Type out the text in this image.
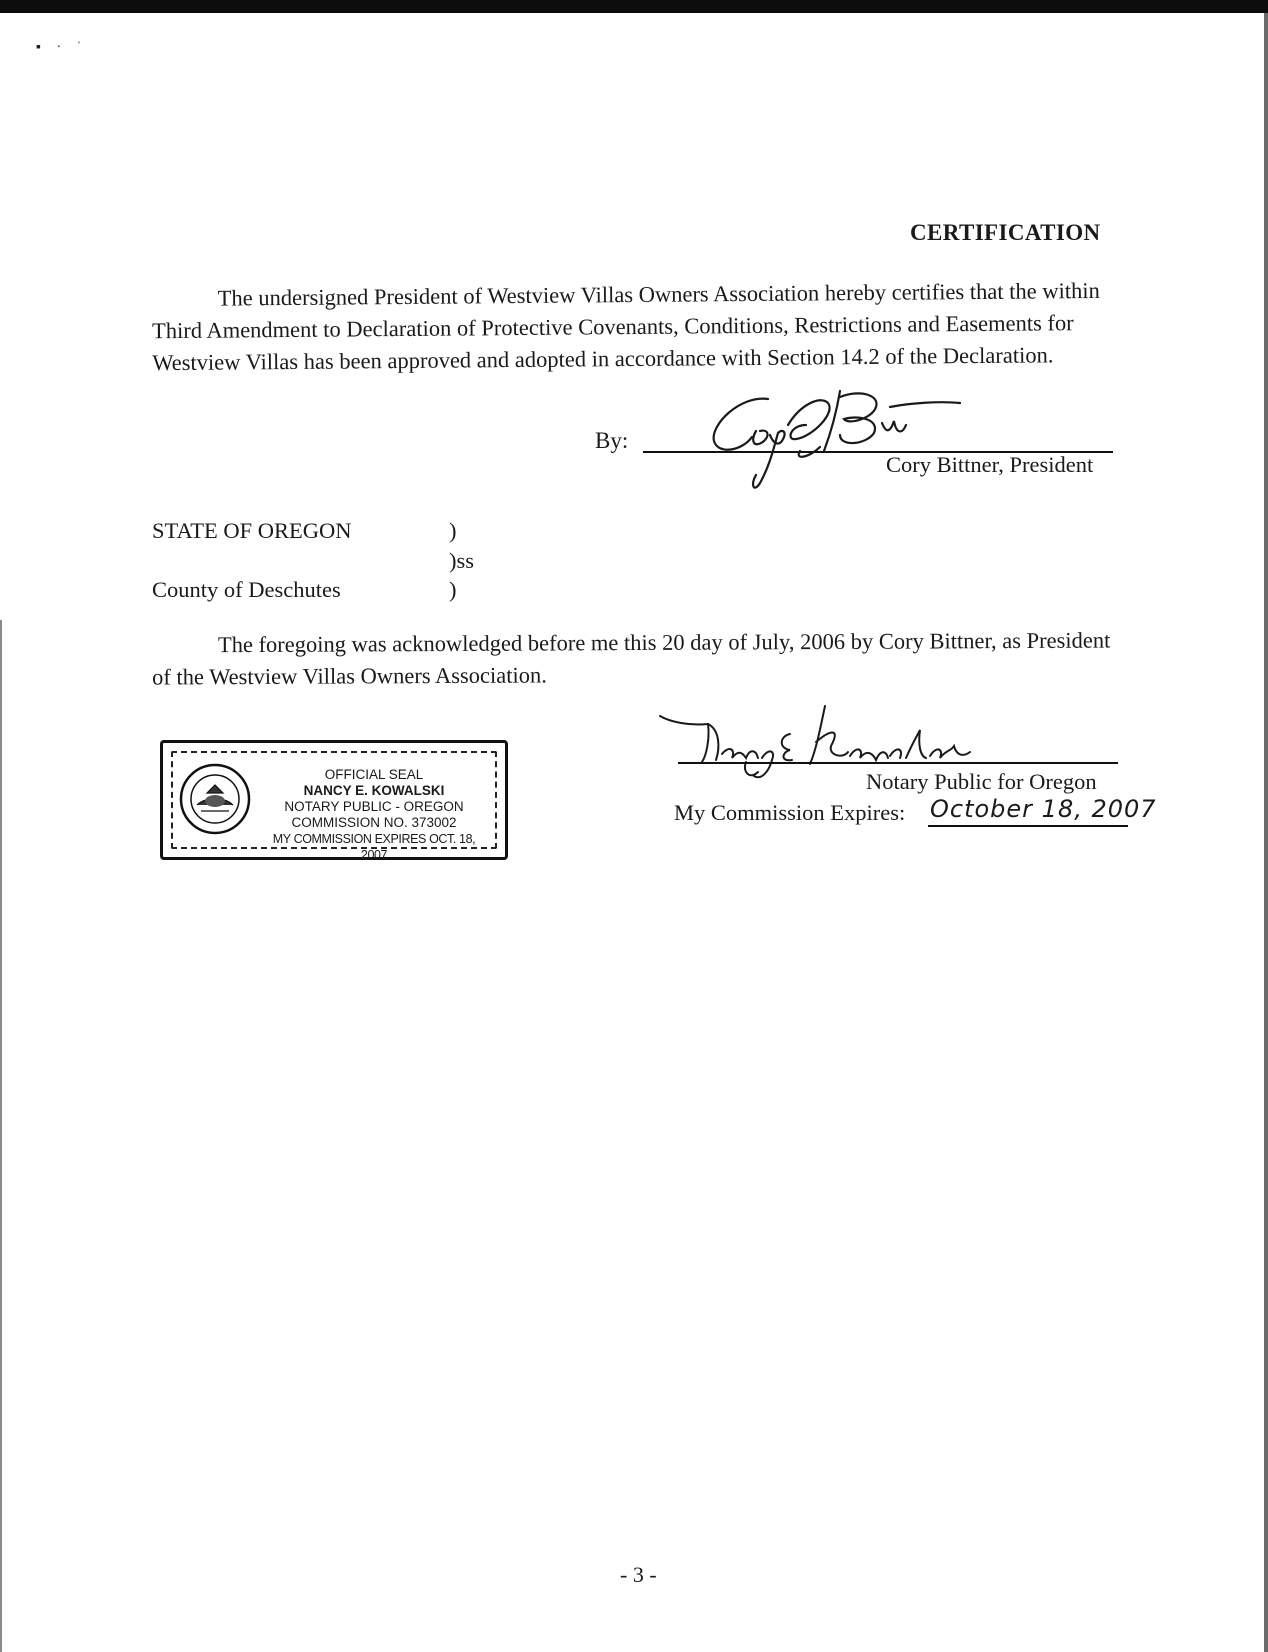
▪ · ˈ
CERTIFICATION
The undersigned President of Westview Villas Owners Association hereby certifies that the within Third Amendment to Declaration of Protective Covenants, Conditions, Restrictions and Easements for Westview Villas has been approved and adopted in accordance with Section 14.2 of the Declaration.
By:
Cory Bittner
Cory Bittner, President
STATE OF OREGON	)
)ss
County of Deschutes	)
The foregoing was acknowledged before me this 20 day of July, 2006 by Cory Bittner, as President of the Westview Villas Owners Association.
OFFICIAL SEAL
NANCY E. KOWALSKI
NOTARY PUBLIC - OREGON
COMMISSION NO. 373002
MY COMMISSION EXPIRES OCT. 18, 2007
Nancy E Kowalski
Notary Public for Oregon
My Commission Expires: October 18, 2007
- 3 -
